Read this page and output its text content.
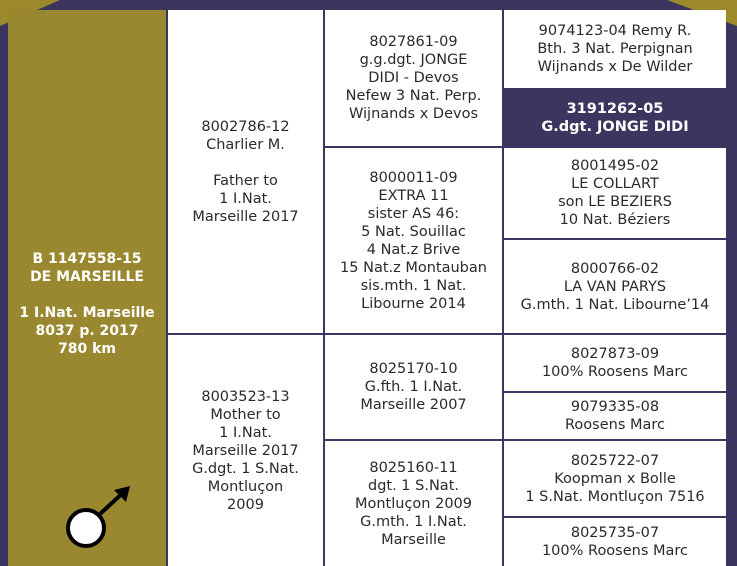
B 1147558-15
DE MARSEILLE
1 I.Nat. Marseille
8037 p. 2017
780 km
8002786-12
Charlier M.
Father to
1 I.Nat.
Marseille 2017
8003523-13
Mother to
1 I.Nat.
Marseille 2017
G.dgt. 1 S.Nat.
Montluçon
2009
8027861-09
g.g.dgt. JONGE
DIDI - Devos
Nefew 3 Nat. Perp.
Wijnands x Devos
8000011-09
EXTRA 11
sister AS 46:
5 Nat. Souillac
4 Nat.z Brive
15 Nat.z Montauban
sis.mth. 1 Nat.
Libourne 2014
8025170-10
G.fth. 1 I.Nat.
Marseille 2007
8025160-11
dgt. 1 S.Nat.
Montluçon 2009
G.mth. 1 I.Nat.
Marseille
9074123-04 Remy R.
Bth. 3 Nat. Perpignan
Wijnands x De Wilder
3191262-05
G.dgt. JONGE DIDI
8001495-02
LE COLLART
son LE BEZIERS
10 Nat. Béziers
8000766-02
LA VAN PARYS
G.mth. 1 Nat. Libourne’14
8027873-09
100% Roosens Marc
9079335-08
Roosens Marc
8025722-07
Koopman x Bolle
1 S.Nat. Montluçon 7516
8025735-07
100% Roosens Marc
